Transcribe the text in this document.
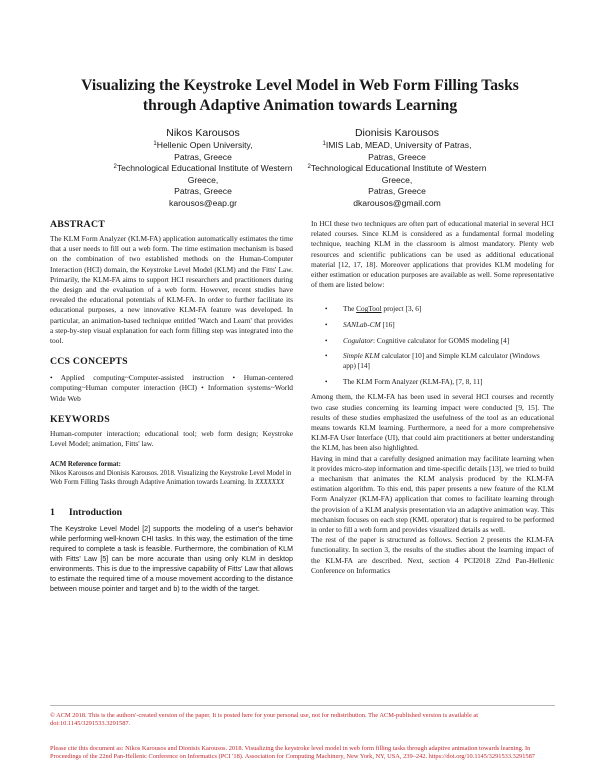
Visualizing the Keystroke Level Model in Web Form Filling Tasks
through Adaptive Animation towards Learning
Nikos Karousos
$^1$Hellenic Open University,
Patras, Greece
$^2$Technological Educational Institute of Western
Greece,
Patras, Greece
karousos@eap.gr
Dionisis Karousos
$^1$IMIS Lab, MEAD, University of Patras,
Patras, Greece
$^2$Technological Educational Institute of Western
Greece,
Patras, Greece
dkarousos@gmail.com
ABSTRACT

The KLM Form Analyzer (KLM-FA) application automatically estimates the time that a user needs to fill out a web form. The time estimation mechanism is based on the combination of two established methods on the Human-Computer Interaction (HCI) domain, the Keystroke Level Model (KLM) and the Fitts' Law. Primarily, the KLM-FA aims to support HCI researchers and practitioners during the design and the evaluation of a web form. However, recent studies have revealed the educational potentials of KLM-FA. In order to further facilitate its educational purposes, a new innovative KLM-FA feature was developed. In particular, an animation-based technique entitled 'Watch and Learn' that provides a step-by-step visual explanation for each form filling step was integrated into the tool.

CCS CONCEPTS

• Applied computing~Computer-assisted instruction • Human-centered computing~Human computer interaction (HCI) • Information systems~World Wide Web

KEYWORDS

Human-computer interaction; educational tool; web form design; Keystroke Level Model; animation, Fitts' law.

ACM Reference format:

Nikos Karousos and Dionisis Karousos. 2018. Visualizing the Keystroke Level Model in Web Form Filling Tasks through Adaptive Animation towards Learning. In XXXXXXX

1 Introduction

The Keystroke Level Model [2] supports the modeling of a user's behavior while performing well-known CHI tasks. In this way, the estimation of the time required to complete a task is feasible. Furthermore, the combination of KLM with Fitts' Law [5] can be more accurate than using only KLM in desktop environments. This is due to the impressive capability of Fitts' Law that allows to estimate the required time of a mouse movement according to the distance between mouse pointer and target and b) to the width of the target.

In HCI these two techniques are often part of educational material in several HCI related courses. Since KLM is considered as a fundamental formal modeling technique, teaching KLM in the classroom is almost mandatory. Plenty web resources and scientific publications can be used as additional educational material [12, 17, 18]. Moreover applications that provides KLM modeling for either estimation or education purposes are available as well. Some representative of them are listed below:

• The CogTool project [3, 6]
• SANLab-CM [16]
• Cogulator: Cognitive calculator for GOMS modeling [4]
• Simple KLM calculator [10] and Simple KLM calculator (Windows app) [14]
• The KLM Form Analyzer (KLM-FA), [7, 8, 11]

Among them, the KLM-FA has been used in several HCI courses and recently two case studies concerning its learning impact were conducted [9, 15]. The results of these studies emphasized the usefulness of the tool as an educational means towards KLM learning. Furthermore, a need for a more comprehensive KLM-FA User Interface (UI), that could aim practitioners at better understanding the KLM, has been also highlighted.

Having in mind that a carefully designed animation may facilitate learning when it provides micro-step information and time-specific details [13], we tried to build a mechanism that animates the KLM analysis produced by the KLM-FA estimation algorithm. To this end, this paper presents a new feature of the KLM Form Analyzer (KLM-FA) application that comes to facilitate learning through the provision of a KLM analysis presentation via an adaptive animation way. This mechanism focuses on each step (KML operator) that is required to be performed in order to fill a web form and provides visualized details as well.

The rest of the paper is structured as follows. Section 2 presents the KLM-FA functionality. In section 3, the results of the studies about the learning impact of the KLM-FA are described. Next, section 4 PCI2018 22nd Pan-Hellenic Conference on Informatics

© ACM 2018. This is the authors'-created version of the paper. It is posted here for your personal use, not for redistribution. The ACM-published version is available at doi:10.1145/3291533.3291587.
Please cite this document as: Nikos Karousos and Dionisis Karousos. 2018. Visualizing the keystroke level model in web form filling tasks through adaptive animation towards learning. In Proceedings of the 22nd Pan-Hellenic Conference on Informatics (PCI '18). Association for Computing Machinery, New York, NY, USA, 239–242. https://doi.org/10.1145/3291533.3291587
